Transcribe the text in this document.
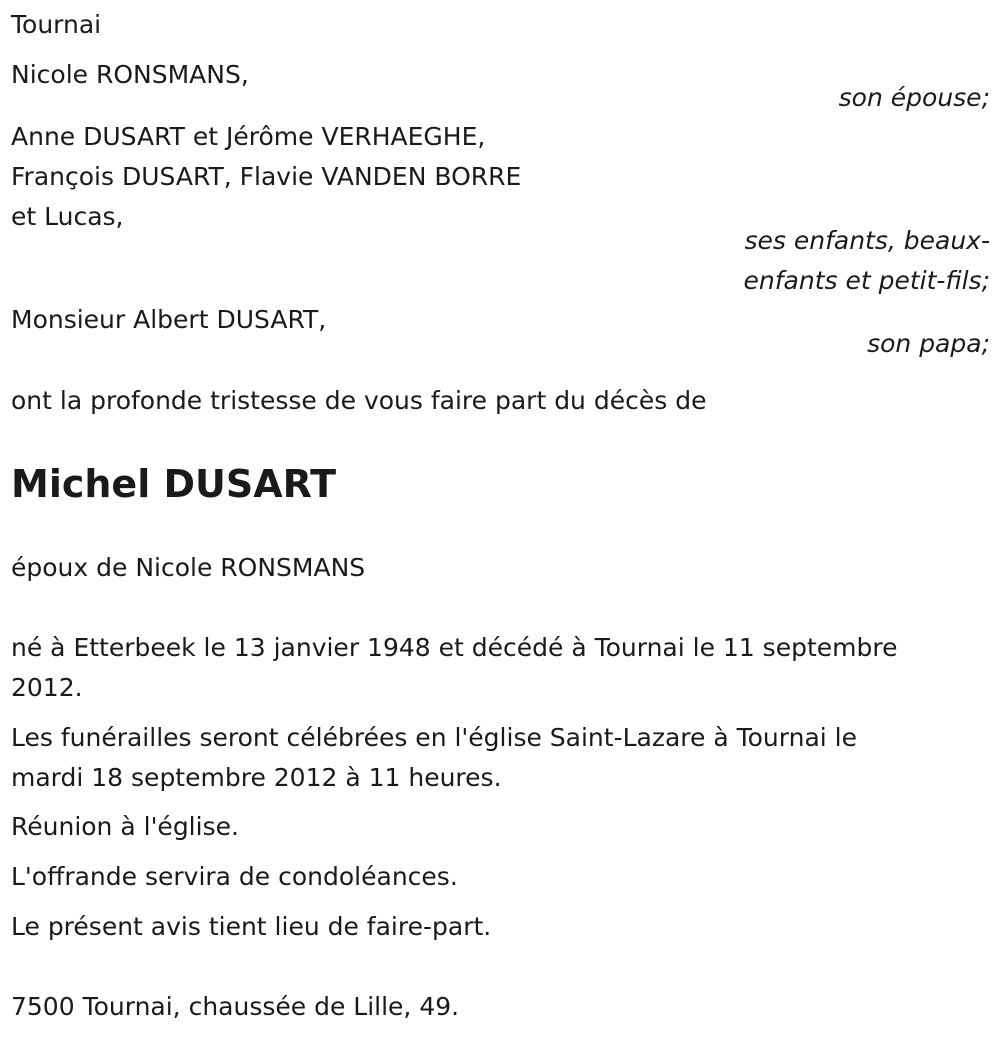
Tournai

Nicole RONSMANS,

son épouse;

Anne DUSART et Jérôme VERHAEGHE,

François DUSART, Flavie VANDEN BORRE

et Lucas,

ses enfants, beaux-

enfants et petit-fils;

Monsieur Albert DUSART,

son papa;

ont la profonde tristesse de vous faire part du décès de

Michel DUSART

époux de Nicole RONSMANS

né à Etterbeek le 13 janvier 1948 et décédé à Tournai le 11 septembre

2012.

Les funérailles seront célébrées en l'église Saint-Lazare à Tournai le

mardi 18 septembre 2012 à 11 heures.

Réunion à l'église.

L'offrande servira de condoléances.

Le présent avis tient lieu de faire-part.

7500 Tournai, chaussée de Lille, 49.
